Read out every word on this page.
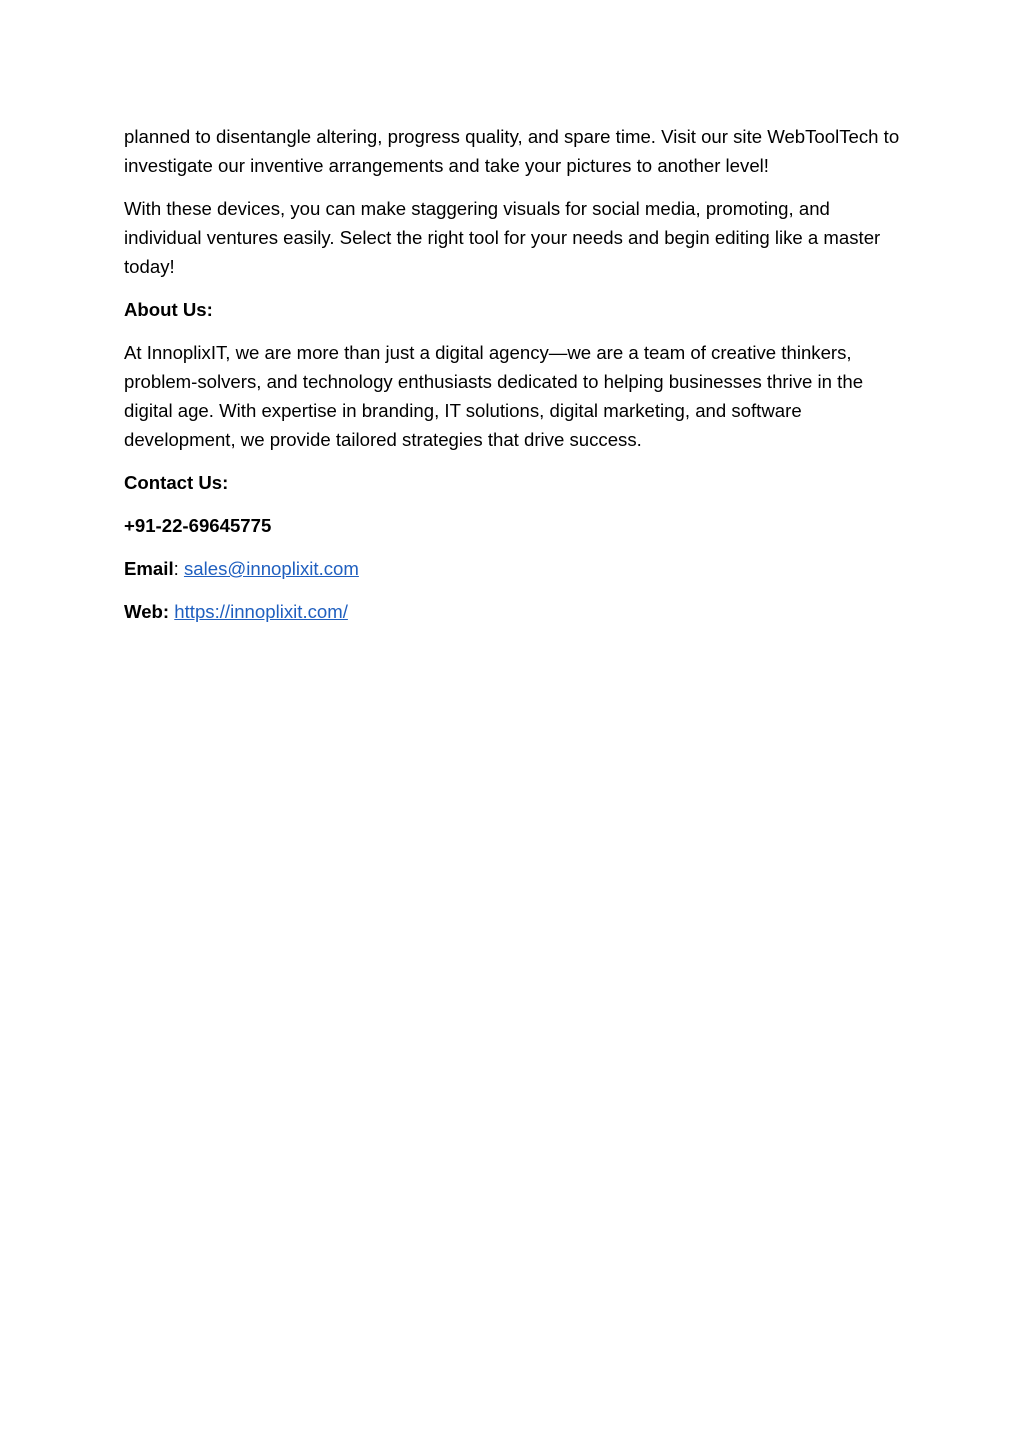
planned to disentangle altering, progress quality, and spare time. Visit our site WebToolTech to investigate our inventive arrangements and take your pictures to another level!

With these devices, you can make staggering visuals for social media, promoting, and individual ventures easily. Select the right tool for your needs and begin editing like a master today!

About Us:

At InnoplixIT, we are more than just a digital agency—we are a team of creative thinkers, problem-solvers, and technology enthusiasts dedicated to helping businesses thrive in the digital age. With expertise in branding, IT solutions, digital marketing, and software development, we provide tailored strategies that drive success.

Contact Us:

+91-22-69645775

Email: sales@innoplixit.com

Web: https://innoplixit.com/
